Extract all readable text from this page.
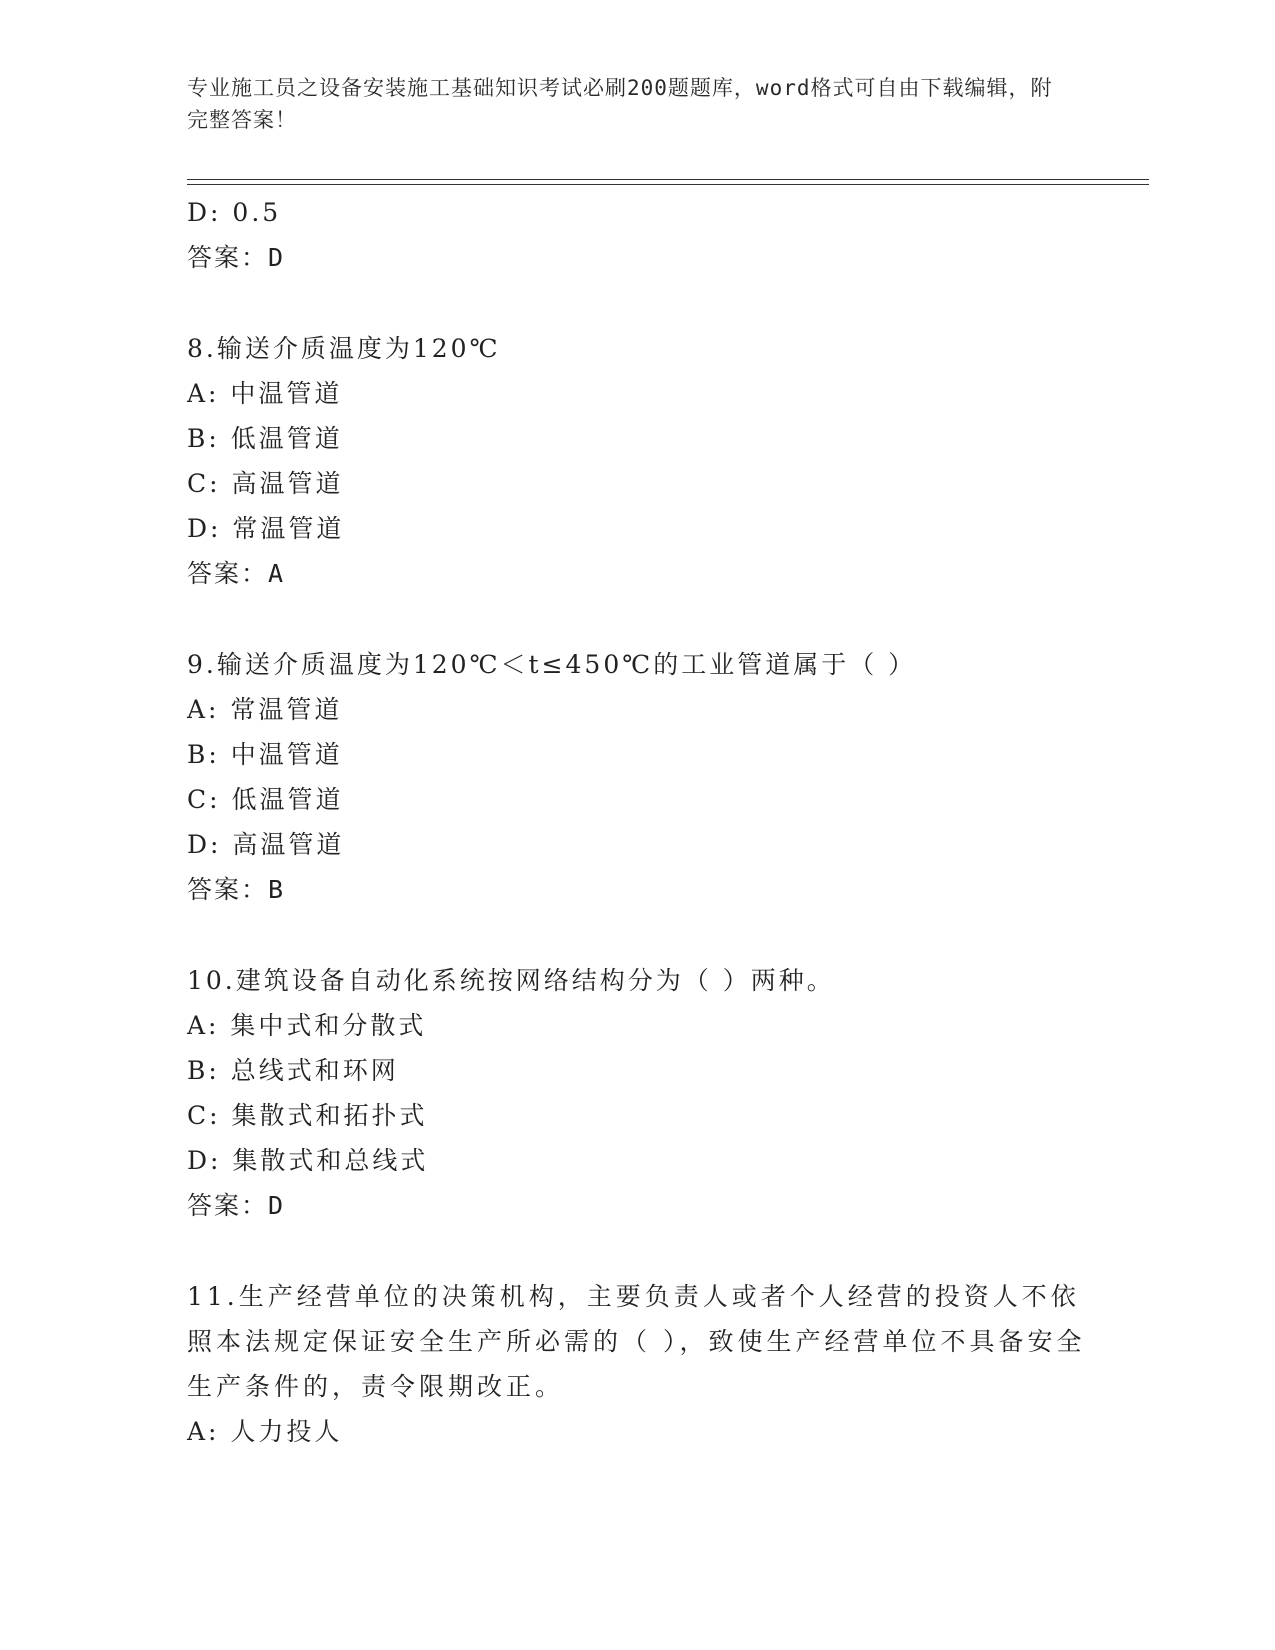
专业施工员之设备安装施工基础知识考试必刷200题题库，word格式可自由下载编辑，附完整答案！
D: 0.5
答案：D
8.输送介质温度为120℃
A: 中温管道
B: 低温管道
C: 高温管道
D: 常温管道
答案：A
9.输送介质温度为120℃＜t≤450℃的工业管道属于（ ）
A: 常温管道
B: 中温管道
C: 低温管道
D: 高温管道
答案：B
10.建筑设备自动化系统按网络结构分为（ ）两种。
A: 集中式和分散式
B: 总线式和环网
C: 集散式和拓扑式
D: 集散式和总线式
答案：D
11.生产经营单位的决策机构，主要负责人或者个人经营的投资人不依照本法规定保证安全生产所必需的（ ），致使生产经营单位不具备安全生产条件的，责令限期改正。
A: 人力投人
